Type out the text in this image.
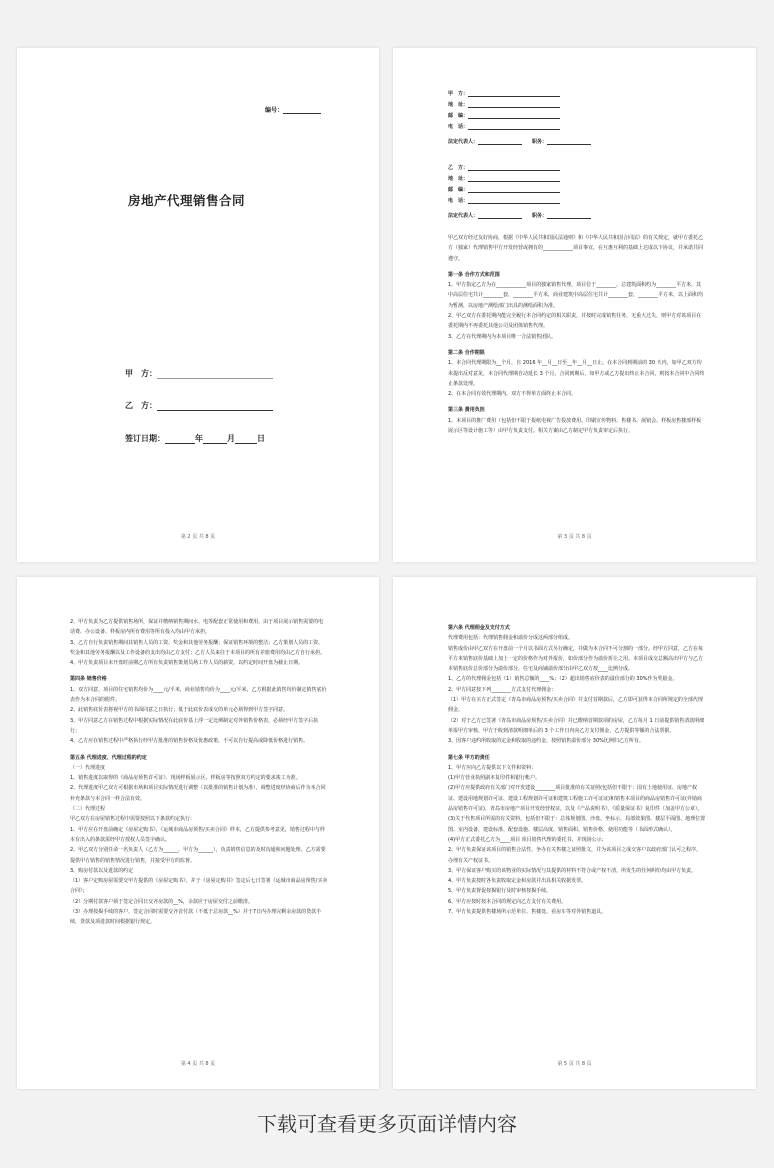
编号：
房地产代理销售合同
甲　方：
乙　方：
签订日期：	年	月	日
第 2 页 共 8 页
甲　方：
地　址：
邮　编：
电　话：
法定代表人：	职务：
乙　方：
地　址：
邮　编：
电　话：
法定代表人：	职务：

甲乙双方经过友好协商，根据《中华人民共和国民法通则》和《中华人民共和国合同法》的有关规定，就甲方委托乙方（独家）代理销售甲方开发经营或拥有的____________项目事宜，在互惠互利的基础上达成以下协议，并承诺共同遵守。

第一条 合作方式和范围

1、甲方指定乙方为在____________项目的独家销售代理，项目位于________，总建筑面积约为________平方米，其中高层住宅共计________套，________平方米，商业建筑中高层住宅共计________套，________平方米，以上面积均为暂测，以房地产测绘部门出具的测绘面积为准。

2、甲乙双方在委托期内能完全履行本合同约定的相关职责，并按时完成销售任务，无重大过失，则甲方对该项目在委托期内不再委托其他公司及团体销售代理。

3、乙方在代理期内为本项目唯一合法销售团队。

第二条 合作期限

1、本合同代理期限为__个月，自 2016 年__月__日至__年__月__日止。在本合同到期前的 30 天内，如甲乙双方均未提出反对意见，本合同代理期自动延长 3 个月。合同到期后，如甲方或乙方提出终止本合同，则按本合同中合同终止条款处理。

2、在本合同有效代理期内，双方不得单方面终止本合同。

第三条 费用负担

1、本项目的推广费用（包括但不限于报纸电视广告投放费用、印刷宣传物料、售楼书、展销会、样板房售楼部样板展示区等设计施工等）由甲方负责支付。相关方案由乙方制定甲方负责审定后执行。

第 3 页 共 8 页

2、甲方负责为乙方提供销售场所，保证并缴纳销售期间水、电等配套正常使用和费用。由于项目展示销售需要的电话费、办公设备、样板房内所有费用等所有投入均由甲方承担。

3、乙方自行负责销售期间其销售人员的工资、奖金和其他劳务报酬；保证销售环境的整洁；乙方策划人员的工资、奖金和其他劳务报酬以及工作设备的支出均由乙方支付；乙方人员来往于本项目的所有差旅费用均由乙方自行承担。

4、甲方负责项目未开盘时前期乙方所有负责销售策划员场工作人员的薪资，以约定时间开盘为截止日期。

第四条 销售价格

1、双方同意，项目的住宅销售均价为____元/平米，商业销售均价为____元/平米，乙方根据此销售均价制定销售底价表作为本合同的附件。

2、此销售底价表将视甲方的书面同意之日执行；低于此底价表成交的单元必须得到甲方签字同意。

3、甲方同意乙方在销售过程中根据实际情况在此底价基上浮一定比例制定对外销售价格表，必须经甲方签字后执行；

4、乙方应在销售过程中严格执行经甲方批准的销售价格及优惠政策，不可以自行提高或降低价格进行销售。

第五条 代理进度、代理过程的约定

（一）代理进度

1、销售进度以取得的《商品房预售许可证》、现场样板展示区、样板房等按照双方约定的要求竣工为准。

2、代理进度甲乙双方可根据市场和项目实际情况进行调整（以批准的销售计划为准），调整进度经协商后作为本合同补充条款与本合同一样合法有效。

（二）代理过程

甲乙双方在房屋销售过程中需要按照以下条款约定执行：

1、甲方应在开盘前确定《房屋定购书》、《运城市商品房预售/买卖合同》样本，乙方提供参考意见，销售过程中与样本有出入的条款需经甲方授权人员签字确认。

2、甲乙双方分别任命一名负责人（乙方为______，甲方为______），负责销售信息的及时沟通和问题处理。乙方需要提供甲方销售的销售情况进行销售，并接受甲方的监督。

3、购房付款以及进款的约定

（1）客户定购房屋需要交甲方提供的《房屋定购书》，并于《房屋定购书》签定后七日签署《运城市商品房预售/买卖合同》；

（2）分期付款客户须于签定合同日交齐房款的__%，余款应于房屋交付之前缴清。

（3）办理按揭手续的客户，签定合同时需要交齐首付款（不低于总房款__%）并于7日内办理完剩余房款的贷款手续，贷款及项进款时间根据银行规定。

第 4 页 共 8 页

第六条 代理佣金及支付方式

代理费用包括：代理销售佣金和溢价分成这两部分组成。

销售成价由甲乙双方在开盘前一个月以书面方式另行确定，并做为本合同不可分割的一部分。经甲方同意，乙方在每平方米销售底价基础上加上一定的价格作为对外报价，如价部分作为溢价折让之用。本项目成交总额高出甲方与乙方本销售底价总价部分为溢价部分，住宅及商铺溢价部分由甲乙双方按____比例分成。

1、乙方的代理佣金包括（1）销售总额的____%；（2）超出销售底价表的溢价部分的 30%作为奖励金。

2、甲方同意按下列________方式支付代理佣金：

（1）甲方在买方正式签定《青岛市商品房预售/买卖合同》并支付首期款后，乙方即可获得本合同所规定的全部代理佣金。

（2）对于乙方已签署《青岛市商品房预售/买卖合同》并已缴纳首期款项的房屋，乙方每月 1 日前提供销售清款明细单报甲方审核，甲方于收到清款明细单后的 3 个工作日内向乙方支付佣金，乙方提供等额的合法票据。

3、因客户违约所收取的定金和收取的违约金，按照销售溢价部分 30%比例归乙方所有。

第七条 甲方的责任

1、甲方应向乙方提供以下文件和资料：

(1)甲方营业执照副本复印件和银行帐户。

(2)甲方应提供政府有关部门对开发建设________项目批准的有关证照(包括但不限于：国有土地使用证、房地产权证、建设用地规划许可证、建设工程规划许可证和建筑工程施工许可证证)和销售本项目的商品房销售许可证(外销商品房销售许可证)，青岛市房地产项目开发经营权证，以及《产品说明书》、《质量保证书》复印件（加盖甲方公章）。

(3)关于代售项目所需的有关资料，包括但不限于：总体规划图、沙盘、坐标示、局部效果图、楼层平面图、地理位置图、室内设备、建设标准、配套设施、楼层高度、销售面积、销售价格、使用功能等（书面形式确认）。

(4)甲方正式委托乙方为____项目 项目销售代理的委托书，并现场公示；

2、甲方负责保证该项目的销售合法性，争办有关售楼之证照批文，并为该项目之成交客户以政府部门认可之程序，办理有关产权证书。

3、甲方保证客户购买的该物业的实际情况与其提供的材料不符合或产权不清，所发生的任何纠纷均由甲方负责。

4、甲方负责按时各负责收取定金和房款并出具相关收据发票。

5、甲方负责督促按揭银行及时审核按揭手续。

6、甲方应按时按本合同的规定向乙方支付有关费用。

7、甲方负责提供售楼场所示范单位、售楼处、看房车等对外销售道具。

第 5 页 共 8 页
下载可查看更多页面详情内容
